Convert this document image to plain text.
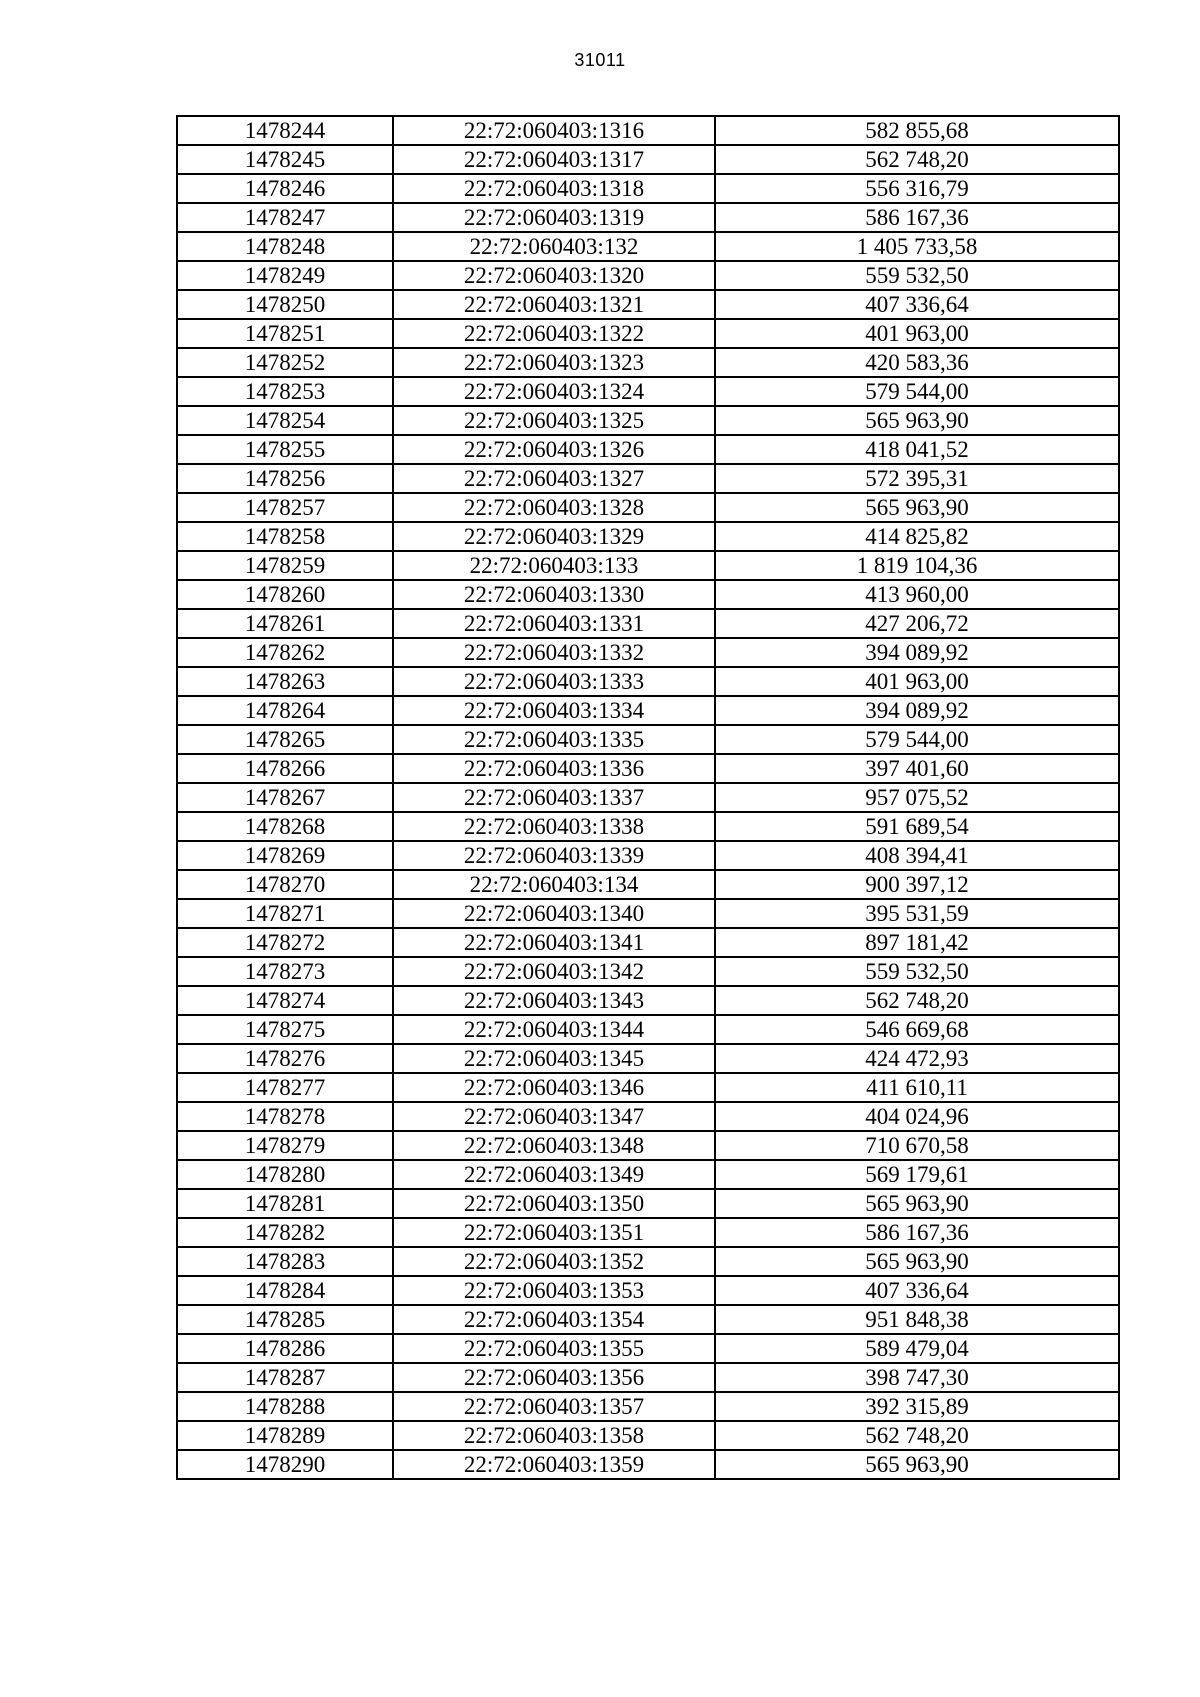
31011
1478244	22:72:060403:1316	582 855,68
1478245	22:72:060403:1317	562 748,20
1478246	22:72:060403:1318	556 316,79
1478247	22:72:060403:1319	586 167,36
1478248	22:72:060403:132	1 405 733,58
1478249	22:72:060403:1320	559 532,50
1478250	22:72:060403:1321	407 336,64
1478251	22:72:060403:1322	401 963,00
1478252	22:72:060403:1323	420 583,36
1478253	22:72:060403:1324	579 544,00
1478254	22:72:060403:1325	565 963,90
1478255	22:72:060403:1326	418 041,52
1478256	22:72:060403:1327	572 395,31
1478257	22:72:060403:1328	565 963,90
1478258	22:72:060403:1329	414 825,82
1478259	22:72:060403:133	1 819 104,36
1478260	22:72:060403:1330	413 960,00
1478261	22:72:060403:1331	427 206,72
1478262	22:72:060403:1332	394 089,92
1478263	22:72:060403:1333	401 963,00
1478264	22:72:060403:1334	394 089,92
1478265	22:72:060403:1335	579 544,00
1478266	22:72:060403:1336	397 401,60
1478267	22:72:060403:1337	957 075,52
1478268	22:72:060403:1338	591 689,54
1478269	22:72:060403:1339	408 394,41
1478270	22:72:060403:134	900 397,12
1478271	22:72:060403:1340	395 531,59
1478272	22:72:060403:1341	897 181,42
1478273	22:72:060403:1342	559 532,50
1478274	22:72:060403:1343	562 748,20
1478275	22:72:060403:1344	546 669,68
1478276	22:72:060403:1345	424 472,93
1478277	22:72:060403:1346	411 610,11
1478278	22:72:060403:1347	404 024,96
1478279	22:72:060403:1348	710 670,58
1478280	22:72:060403:1349	569 179,61
1478281	22:72:060403:1350	565 963,90
1478282	22:72:060403:1351	586 167,36
1478283	22:72:060403:1352	565 963,90
1478284	22:72:060403:1353	407 336,64
1478285	22:72:060403:1354	951 848,38
1478286	22:72:060403:1355	589 479,04
1478287	22:72:060403:1356	398 747,30
1478288	22:72:060403:1357	392 315,89
1478289	22:72:060403:1358	562 748,20
1478290	22:72:060403:1359	565 963,90
